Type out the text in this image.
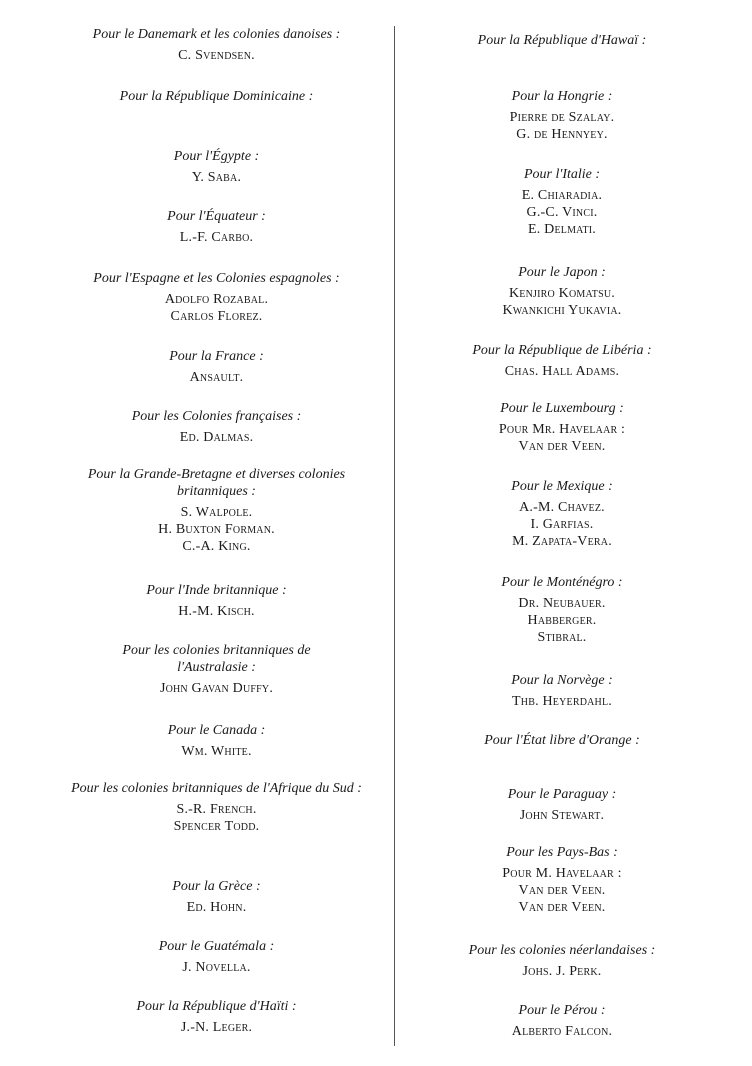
Pour le Danemark et les colonies danoises :
C. Svendsen.
Pour la République Dominicaine :
Pour l'Égypte :
Y. Saba.
Pour l'Équateur :
L.-F. Carbo.
Pour l'Espagne et les Colonies espagnoles :
Adolfo Rozabal.
Carlos Florez.
Pour la France :
Ansault.
Pour les Colonies françaises :
Ed. Dalmas.
Pour la Grande-Bretagne et diverses colonies britanniques :
S. Walpole.
H. Buxton Forman.
C.-A. King.
Pour l'Inde britannique :
H.-M. Kisch.
Pour les colonies britanniques de l'Australasie :
John Gavan Duffy.
Pour le Canada :
Wm. White.
Pour les colonies britanniques de l'Afrique du Sud :
S.-R. French.
Spencer Todd.
Pour la Grèce :
Ed. Hohn.
Pour le Guatémala :
J. Novella.
Pour la République d'Haïti :
J.-N. Leger.
Pour la République d'Hawaï :
Pour la Hongrie :
Pierre de Szalay.
G. de Hennyey.
Pour l'Italie :
E. Chiaradia.
G.-C. Vinci.
E. Delmati.
Pour le Japon :
Kenjiro Komatsu.
Kwankichi Yukavia.
Pour la République de Libéria :
Chas. Hall Adams.
Pour le Luxembourg :
Pour Mr. Havelaar :
Van der Veen.
Pour le Mexique :
A.-M. Chavez.
I. Garfias.
M. Zapata-Vera.
Pour le Monténégro :
Dr. Neubauer.
Habberger.
Stibral.
Pour la Norvège :
Thb. Heyerdahl.
Pour l'État libre d'Orange :
Pour le Paraguay :
John Stewart.
Pour les Pays-Bas :
Pour M. Havelaar :
Van der Veen.
Van der Veen.
Pour les colonies néerlandaises :
Johs. J. Perk.
Pour le Pérou :
Alberto Falcon.
